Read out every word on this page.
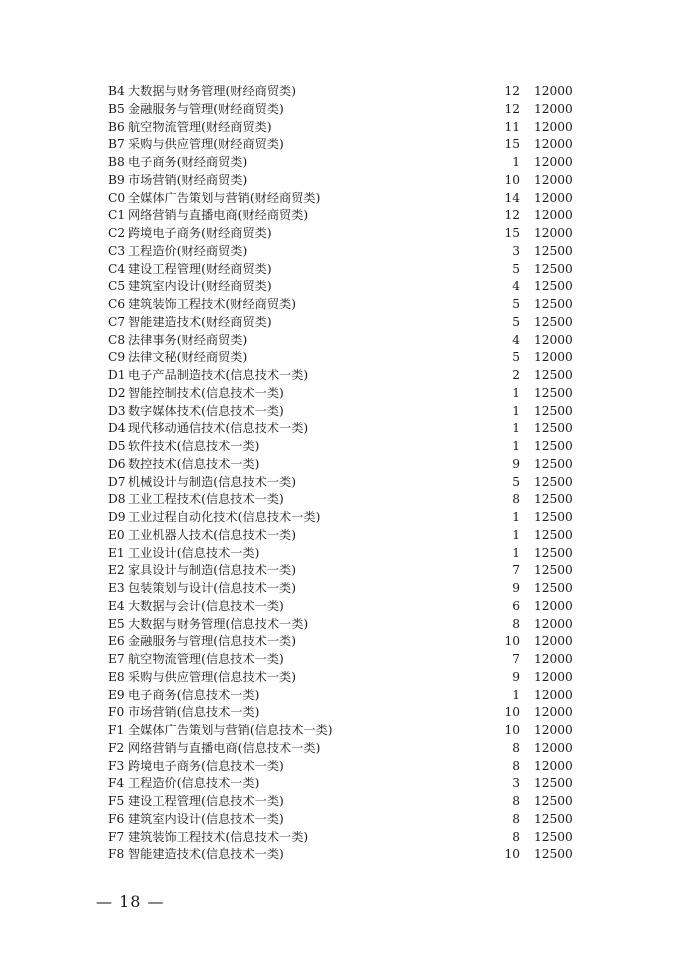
B4 大数据与财务管理(财经商贸类)	12 12000
B5 金融服务与管理(财经商贸类)	12 12000
B6 航空物流管理(财经商贸类)	11 12000
B7 采购与供应管理(财经商贸类)	15 12000
B8 电子商务(财经商贸类)	1 12000
B9 市场营销(财经商贸类)	10 12000
C0 全媒体广告策划与营销(财经商贸类)	14 12000
C1 网络营销与直播电商(财经商贸类)	12 12000
C2 跨境电子商务(财经商贸类)	15 12000
C3 工程造价(财经商贸类)	3 12500
C4 建设工程管理(财经商贸类)	5 12500
C5 建筑室内设计(财经商贸类)	4 12500
C6 建筑装饰工程技术(财经商贸类)	5 12500
C7 智能建造技术(财经商贸类)	5 12500
C8 法律事务(财经商贸类)	4 12000
C9 法律文秘(财经商贸类)	5 12000
D1 电子产品制造技术(信息技术一类)	2 12500
D2 智能控制技术(信息技术一类)	1 12500
D3 数字媒体技术(信息技术一类)	1 12500
D4 现代移动通信技术(信息技术一类)	1 12500
D5 软件技术(信息技术一类)	1 12500
D6 数控技术(信息技术一类)	9 12500
D7 机械设计与制造(信息技术一类)	5 12500
D8 工业工程技术(信息技术一类)	8 12500
D9 工业过程自动化技术(信息技术一类)	1 12500
E0 工业机器人技术(信息技术一类)	1 12500
E1 工业设计(信息技术一类)	1 12500
E2 家具设计与制造(信息技术一类)	7 12500
E3 包装策划与设计(信息技术一类)	9 12500
E4 大数据与会计(信息技术一类)	6 12000
E5 大数据与财务管理(信息技术一类)	8 12000
E6 金融服务与管理(信息技术一类)	10 12000
E7 航空物流管理(信息技术一类)	7 12000
E8 采购与供应管理(信息技术一类)	9 12000
E9 电子商务(信息技术一类)	1 12000
F0 市场营销(信息技术一类)	10 12000
F1 全媒体广告策划与营销(信息技术一类)	10 12000
F2 网络营销与直播电商(信息技术一类)	8 12000
F3 跨境电子商务(信息技术一类)	8 12000
F4 工程造价(信息技术一类)	3 12500
F5 建设工程管理(信息技术一类)	8 12500
F6 建筑室内设计(信息技术一类)	8 12500
F7 建筑装饰工程技术(信息技术一类)	8 12500
F8 智能建造技术(信息技术一类)	10 12500
— 18 —
